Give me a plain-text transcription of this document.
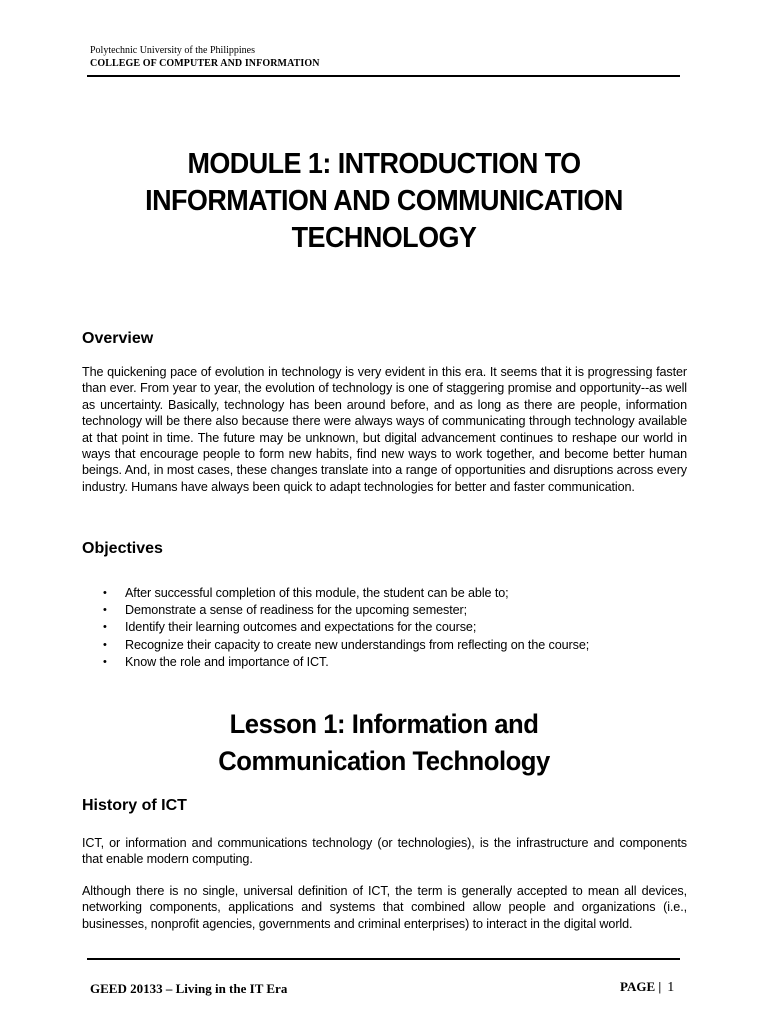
Polytechnic University of the Philippines
COLLEGE OF COMPUTER AND INFORMATION
MODULE 1: INTRODUCTION TO
INFORMATION AND COMMUNICATION
TECHNOLOGY
Overview
The quickening pace of evolution in technology is very evident in this era. It seems that it is progressing faster than ever. From year to year, the evolution of technology is one of staggering promise and opportunity--as well as uncertainty. Basically, technology has been around before, and as long as there are people, information technology will be there also because there were always ways of communicating through technology available at that point in time. The future may be unknown, but digital advancement continues to reshape our world in ways that encourage people to form new habits, find new ways to work together, and become better human beings. And, in most cases, these changes translate into a range of opportunities and disruptions across every industry. Humans have always been quick to adapt technologies for better and faster communication.
Objectives
• After successful completion of this module, the student can be able to;
• Demonstrate a sense of readiness for the upcoming semester;
• Identify their learning outcomes and expectations for the course;
• Recognize their capacity to create new understandings from reflecting on the course;
• Know the role and importance of ICT.
Lesson 1: Information and
Communication Technology
History of ICT
ICT, or information and communications technology (or technologies), is the infrastructure and components that enable modern computing.
Although there is no single, universal definition of ICT, the term is generally accepted to mean all devices, networking components, applications and systems that combined allow people and organizations (i.e., businesses, nonprofit agencies, governments and criminal enterprises) to interact in the digital world.
GEED 20133 – Living in the IT Era	PAGE | 1
